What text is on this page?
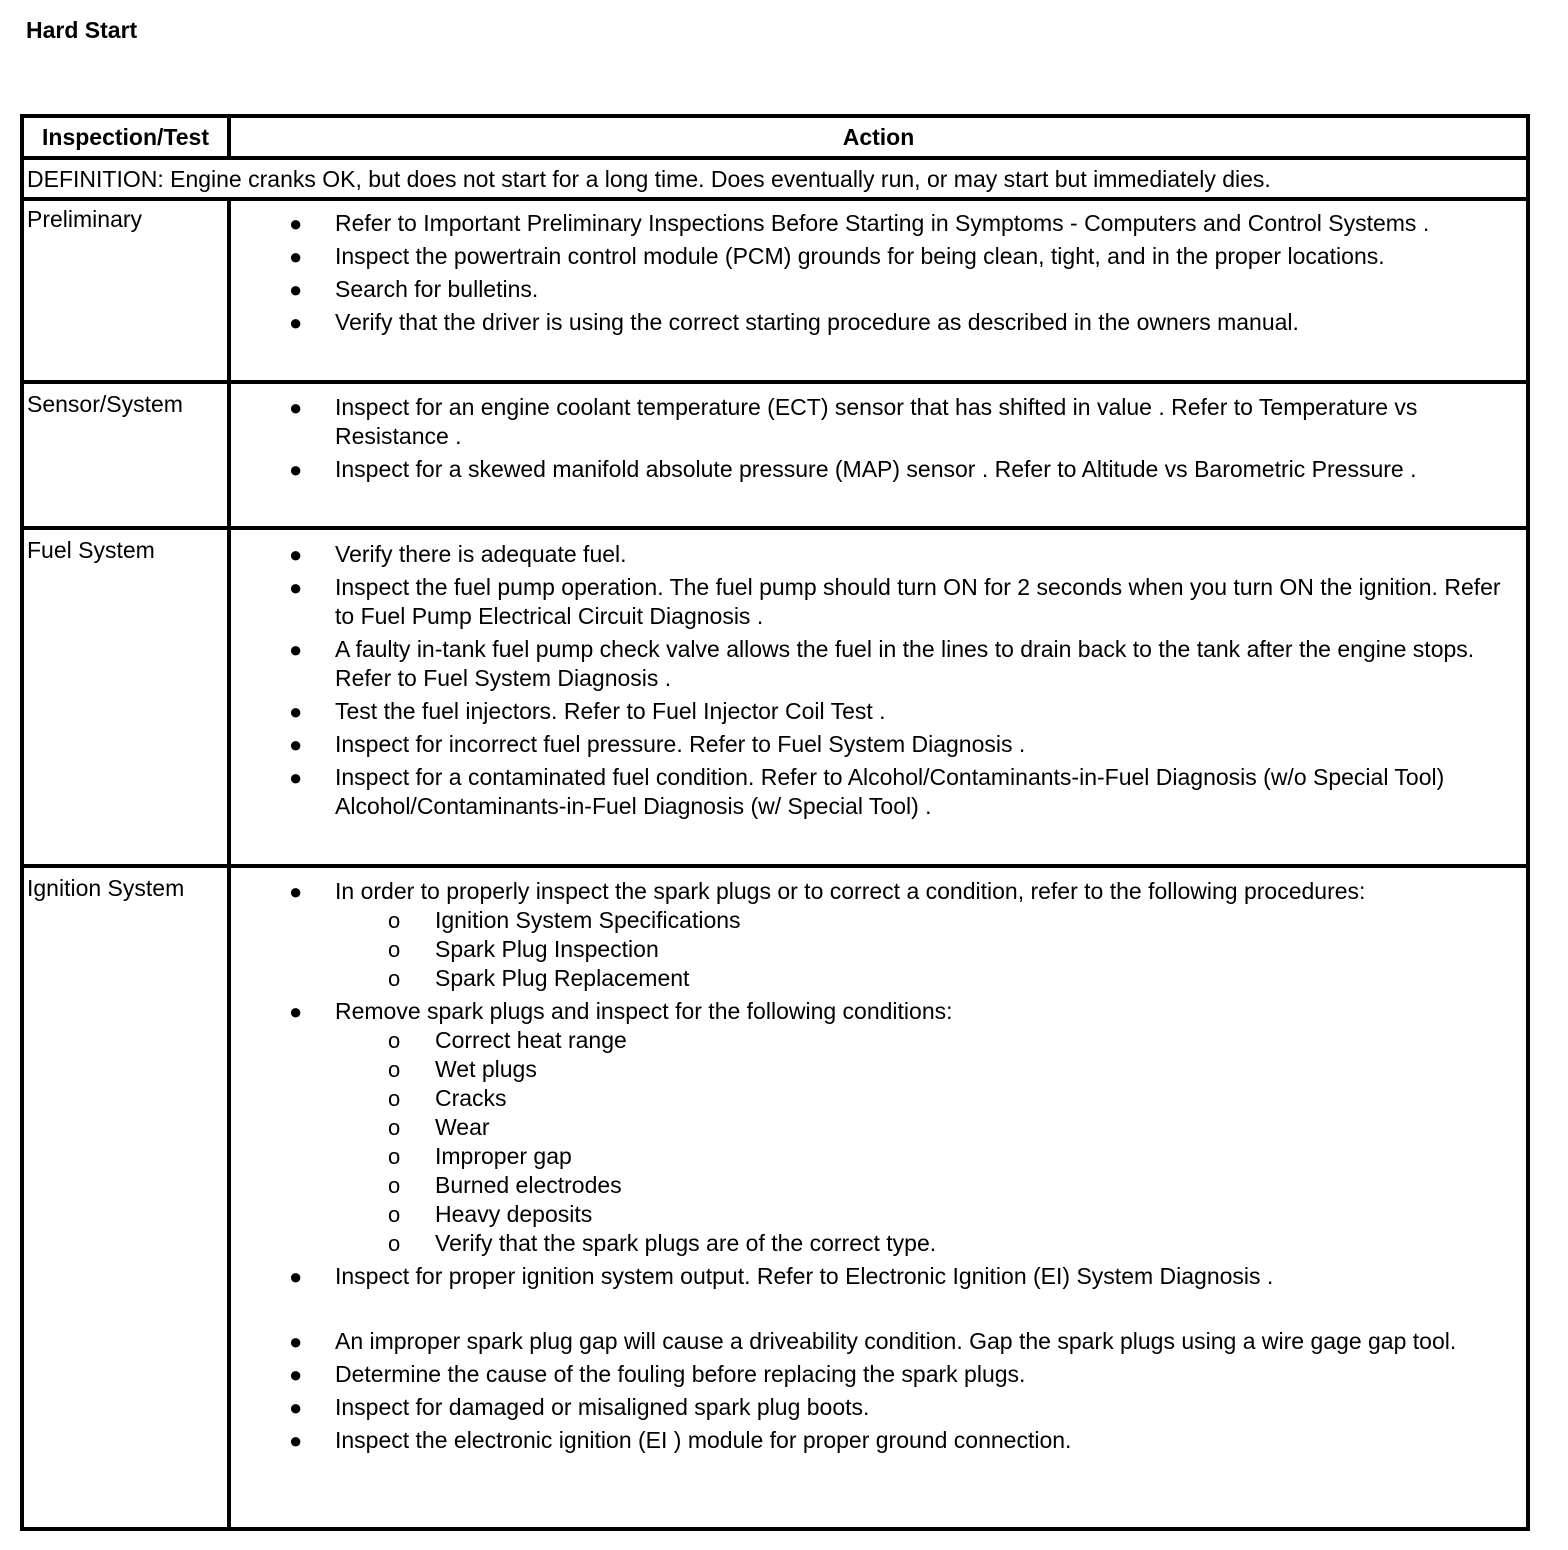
Hard Start
Inspection/Test	Action
DEFINITION: Engine cranks OK, but does not start for a long time. Does eventually run, or may start but immediately dies.
Preliminary	● Refer to Important Preliminary Inspections Before Starting in Symptoms - Computers and Control Systems .
● Inspect the powertrain control module (PCM) grounds for being clean, tight, and in the proper locations.
● Search for bulletins.
● Verify that the driver is using the correct starting procedure as described in the owners manual.
Sensor/System	● Inspect for an engine coolant temperature (ECT) sensor that has shifted in value . Refer to Temperature vs Resistance .
● Inspect for a skewed manifold absolute pressure (MAP) sensor . Refer to Altitude vs Barometric Pressure .
Fuel System	● Verify there is adequate fuel.
● Inspect the fuel pump operation. The fuel pump should turn ON for 2 seconds when you turn ON the ignition. Refer to Fuel Pump Electrical Circuit Diagnosis .
● A faulty in-tank fuel pump check valve allows the fuel in the lines to drain back to the tank after the engine stops. Refer to Fuel System Diagnosis .
● Test the fuel injectors. Refer to Fuel Injector Coil Test .
● Inspect for incorrect fuel pressure. Refer to Fuel System Diagnosis .
● Inspect for a contaminated fuel condition. Refer to Alcohol/Contaminants-in-Fuel Diagnosis (w/o Special Tool) Alcohol/Contaminants-in-Fuel Diagnosis (w/ Special Tool) .
Ignition System	● In order to properly inspect the spark plugs or to correct a condition, refer to the following procedures:
o Ignition System Specifications
o Spark Plug Inspection
o Spark Plug Replacement
● Remove spark plugs and inspect for the following conditions:
o Correct heat range
o Wet plugs
o Cracks
o Wear
o Improper gap
o Burned electrodes
o Heavy deposits
o Verify that the spark plugs are of the correct type.
● Inspect for proper ignition system output. Refer to Electronic Ignition (EI) System Diagnosis .
● An improper spark plug gap will cause a driveability condition. Gap the spark plugs using a wire gage gap tool.
● Determine the cause of the fouling before replacing the spark plugs.
● Inspect for damaged or misaligned spark plug boots.
● Inspect the electronic ignition (EI ) module for proper ground connection.
